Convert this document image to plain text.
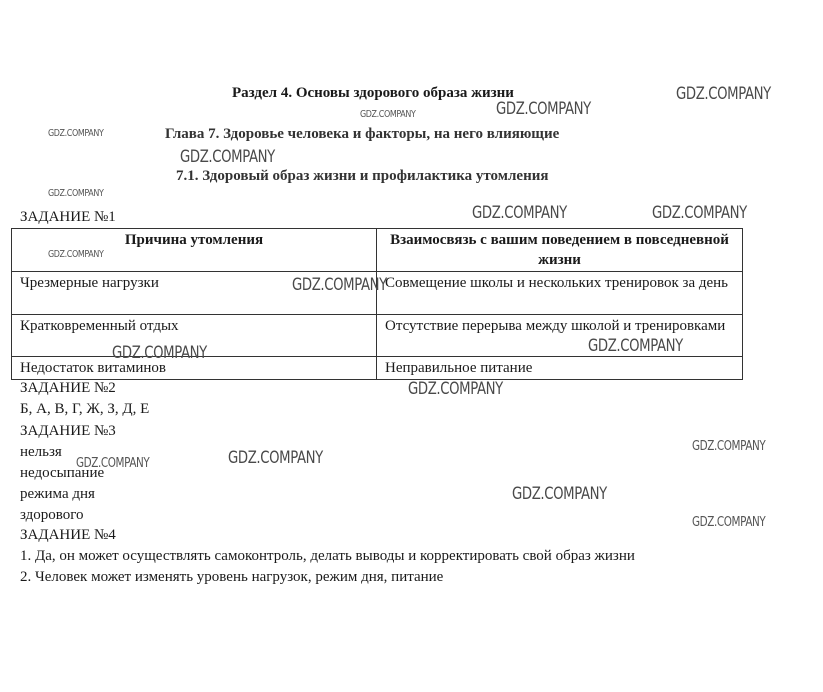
Раздел 4. Основы здорового образа жизни
Глава 7. Здоровье человека и факторы, на него влияющие
7.1. Здоровый образ жизни и профилактика утомления
ЗАДАНИЕ №1
Причина утомления	Взаимосвязь с вашим поведением в повседневной жизни
Чрезмерные нагрузки	Совмещение школы и нескольких тренировок за день
Кратковременный отдых	Отсутствие перерыва между школой и тренировками
Недостаток витаминов	Неправильное питание
ЗАДАНИЕ №2
Б, А, В, Г, Ж, З, Д, Е
ЗАДАНИЕ №3
нельзя
недосыпание
режима дня
здорового
ЗАДАНИЕ №4
1. Да, он может осуществлять самоконтроль, делать выводы и корректировать свой образ жизни
2. Человек может изменять уровень нагрузок, режим дня, питание
GDZ.COMPANY
GDZ.COMPANY	GDZ.COMPANY
GDZ.COMPANY
GDZ.COMPANY
GDZ.COMPANY
GDZ.COMPANY	GDZ.COMPANY
GDZ.COMPANY
GDZ.COMPANY
GDZ.COMPANY
GDZ.COMPANY
GDZ.COMPANY
GDZ.COMPANY
GDZ.COMPANY
GDZ.COMPANY
GDZ.COMPANY
GDZ.COMPANY
